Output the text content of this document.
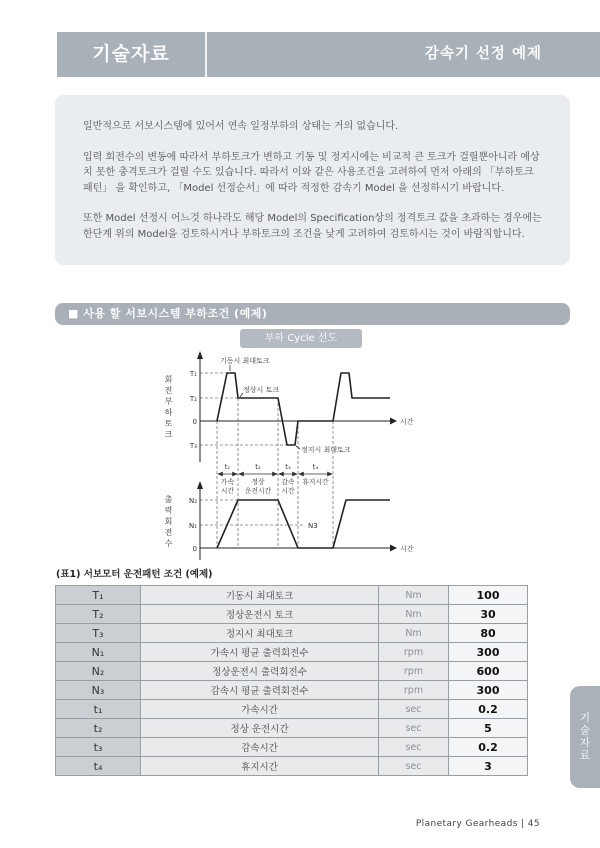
기술자료	감속기 선정 예제

일반적으로 서보시스템에 있어서 연속 일정부하의 상태는 거의 없습니다.

입력 회전수의 변동에 따라서 부하토크가 변하고 기동 및 정지시에는 비교적 큰 토크가 걸릴뿐아니라 예상치 못한 충격토크가 걸릴 수도 있습니다. 따라서 이와 같은 사용조건을 고려하여 먼저 아래의 「부하토크패턴」 을 확인하고, 「Model 선정순서」에 따라 적정한 감속기 Model 을 선정하시기 바랍니다.

또한 Model 선정시 어느것 하나라도 해당 Model의 Specification상의 정격토크 값을 초과하는 경우에는 한단계 위의 Model을 검토하시거나 부하토크의 조건을 낮게 고려하여 검토하시는 것이 바람직합니다.

■ 사용 할 서보시스템 부하조건 (예제)
부하 Cycle 선도
회전부하토크
출력회전수
T₁
T₂
0
T₃
기동시 최대토크
정상시 토크
정지시 최대토크
시간
t₁	t₂	t₃	t₄
가속
시간
정상
운전시간
감속
시간
휴지시간
N₂
N₁
0
N3
시간
(표1) 서보모터 운전패턴 조건 (예제)
T₁	기동시 최대토크	Nm	100
T₂	정상운전시 토크	Nm	30
T₃	정지시 최대토크	Nm	80
N₁	가속시 평균 출력회전수	rpm	300
N₂	정상운전시 출력회전수	rpm	600
N₃	감속시 평균 출력회전수	rpm	300
t₁	가속시간	sec	0.2
t₂	정상 운전시간	sec	5
t₃	감속시간	sec	0.2
t₄	휴지시간	sec	3
Planetary Gearheads | 45
기술자료
